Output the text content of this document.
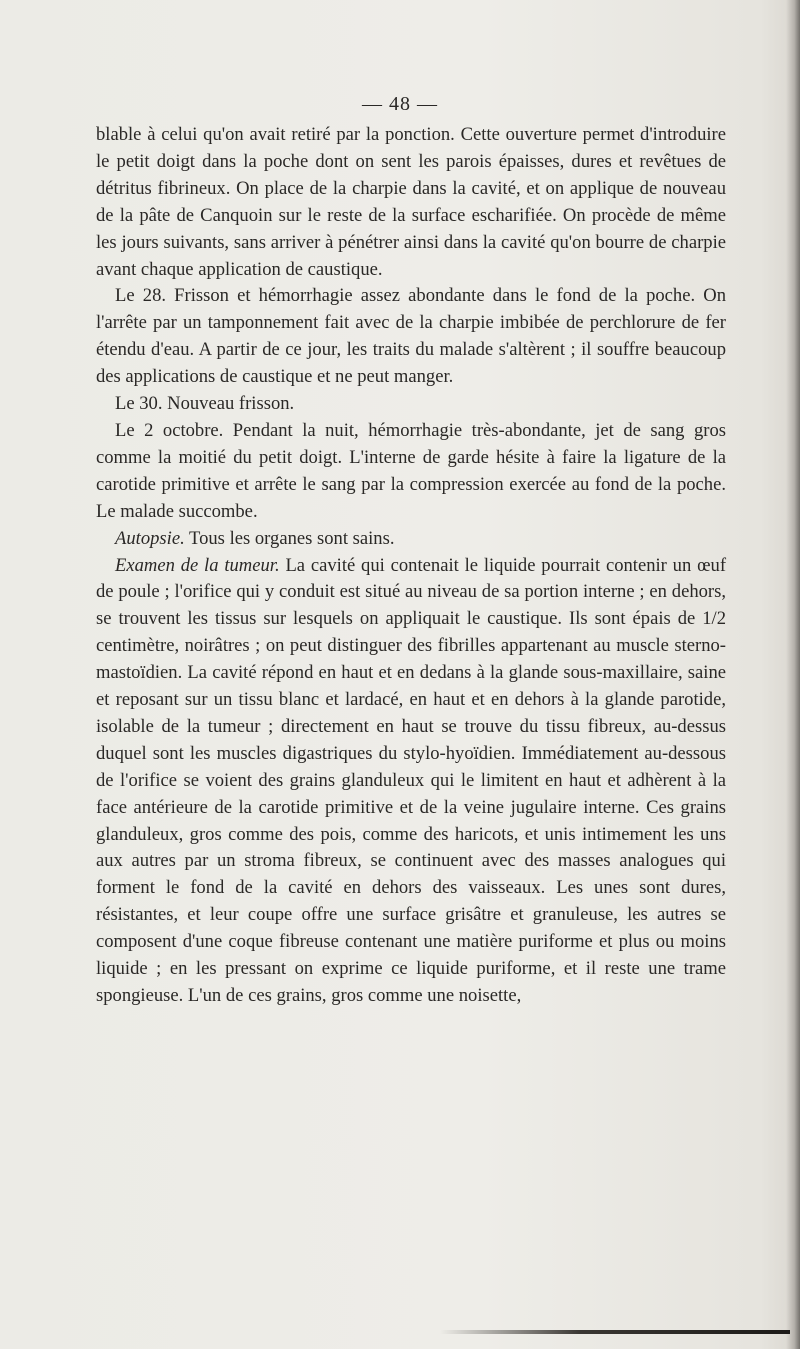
— 48 —

blable à celui qu'on avait retiré par la ponction. Cette ouverture permet d'introduire le petit doigt dans la poche dont on sent les parois épaisses, dures et revêtues de détritus fibrineux. On place de la charpie dans la cavité, et on applique de nouveau de la pâte de Canquoin sur le reste de la surface escharifiée. On procède de même les jours suivants, sans arriver à pénétrer ainsi dans la cavité qu'on bourre de charpie avant chaque application de caustique.

Le 28. Frisson et hémorrhagie assez abondante dans le fond de la poche. On l'arrête par un tamponnement fait avec de la charpie imbibée de perchlorure de fer étendu d'eau. A partir de ce jour, les traits du malade s'altèrent ; il souffre beaucoup des applications de caustique et ne peut manger.

Le 30. Nouveau frisson.

Le 2 octobre. Pendant la nuit, hémorrhagie très-abondante, jet de sang gros comme la moitié du petit doigt. L'interne de garde hésite à faire la ligature de la carotide primitive et arrête le sang par la compression exercée au fond de la poche. Le malade succombe.

Autopsie. Tous les organes sont sains.

Examen de la tumeur. La cavité qui contenait le liquide pourrait contenir un œuf de poule ; l'orifice qui y conduit est situé au niveau de sa portion interne ; en dehors, se trouvent les tissus sur lesquels on appliquait le caustique. Ils sont épais de 1/2 centimètre, noirâtres ; on peut distinguer des fibrilles appartenant au muscle sterno-mastoïdien. La cavité répond en haut et en dedans à la glande sous-maxillaire, saine et reposant sur un tissu blanc et lardacé, en haut et en dehors à la glande parotide, isolable de la tumeur ; directement en haut se trouve du tissu fibreux, au-dessus duquel sont les muscles digastriques du stylo-hyoïdien. Immédiatement au-dessous de l'orifice se voient des grains glanduleux qui le limitent en haut et adhèrent à la face antérieure de la carotide primitive et de la veine jugulaire interne. Ces grains glanduleux, gros comme des pois, comme des haricots, et unis intimement les uns aux autres par un stroma fibreux, se continuent avec des masses analogues qui forment le fond de la cavité en dehors des vaisseaux. Les unes sont dures, résistantes, et leur coupe offre une surface grisâtre et granuleuse, les autres se composent d'une coque fibreuse contenant une matière puriforme et plus ou moins liquide ; en les pressant on exprime ce liquide puriforme, et il reste une trame spongieuse. L'un de ces grains, gros comme une noisette,
